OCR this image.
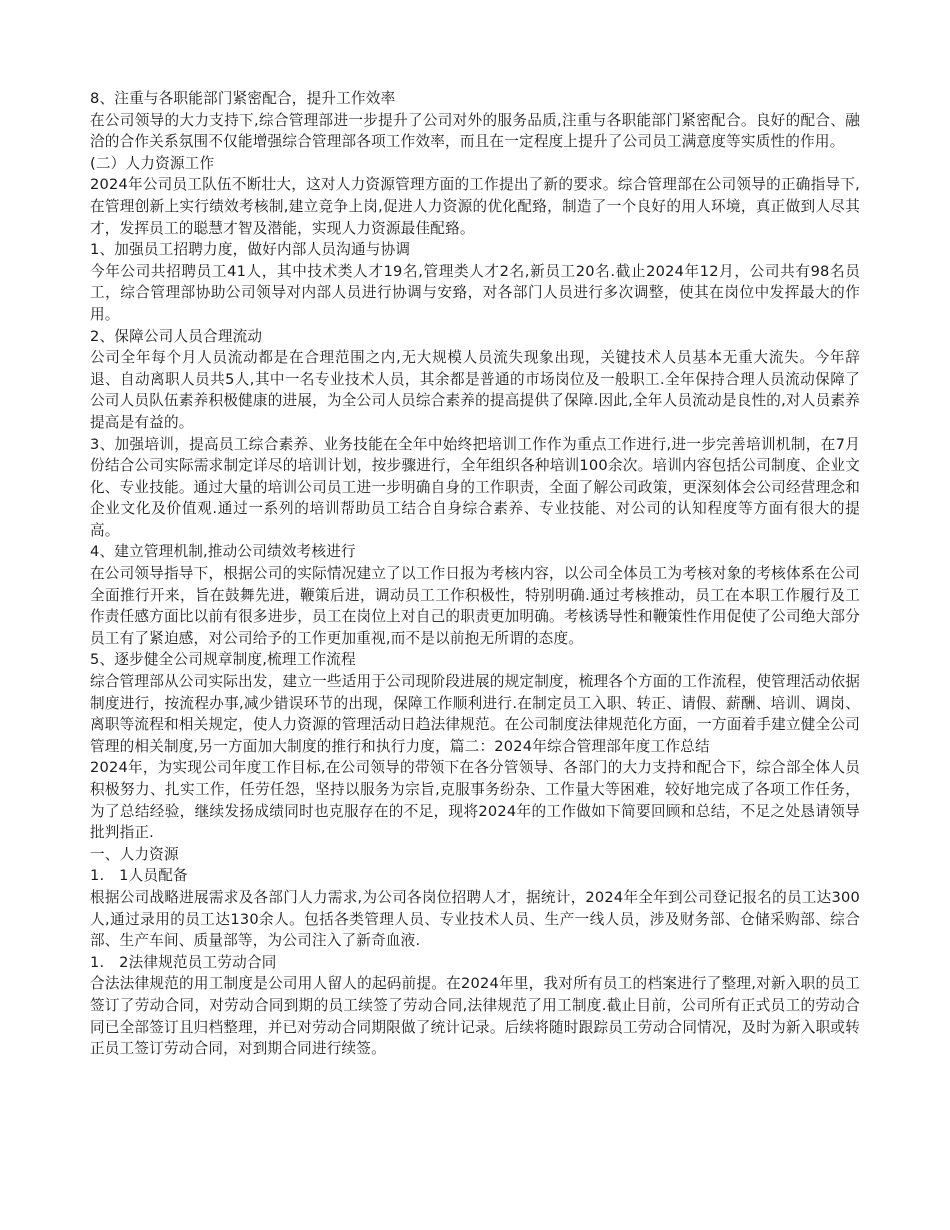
8、注重与各职能部门紧密配合，提升工作效率
在公司领导的大力支持下,综合管理部进一步提升了公司对外的服务品质,注重与各职能部门紧密配合。良好的配合、融洽的合作关系氛围不仅能增强综合管理部各项工作效率，而且在一定程度上提升了公司员工满意度等实质性的作用。
(二）人力资源工作
2024年公司员工队伍不断壮大，这对人力资源管理方面的工作提出了新的要求。综合管理部在公司领导的正确指导下,在管理创新上实行绩效考核制,建立竞争上岗,促进人力资源的优化配臵，制造了一个良好的用人环境，真正做到人尽其才，发挥员工的聪慧才智及潜能，实现人力资源最佳配臵。
1、加强员工招聘力度，做好内部人员沟通与协调
今年公司共招聘员工41人，其中技术类人才19名,管理类人才2名,新员工20名.截止2024年12月，公司共有98名员工，综合管理部协助公司领导对内部人员进行协调与安臵，对各部门人员进行多次调整，使其在岗位中发挥最大的作用。
2、保障公司人员合理流动
公司全年每个月人员流动都是在合理范围之内,无大规模人员流失现象出现，关键技术人员基本无重大流失。今年辞退、自动离职人员共5人,其中一名专业技术人员，其余都是普通的市场岗位及一般职工.全年保持合理人员流动保障了公司人员队伍素养积极健康的进展，为全公司人员综合素养的提高提供了保障.因此,全年人员流动是良性的,对人员素养提高是有益的。
3、加强培训，提高员工综合素养、业务技能在全年中始终把培训工作作为重点工作进行,进一步完善培训机制，在7月份结合公司实际需求制定详尽的培训计划，按步骤进行，全年组织各种培训100余次。培训内容包括公司制度、企业文化、专业技能。通过大量的培训公司员工进一步明确自身的工作职责，全面了解公司政策，更深刻体会公司经营理念和企业文化及价值观.通过一系列的培训帮助员工结合自身综合素养、专业技能、对公司的认知程度等方面有很大的提高。
4、建立管理机制,推动公司绩效考核进行
在公司领导指导下，根据公司的实际情况建立了以工作日报为考核内容，以公司全体员工为考核对象的考核体系在公司全面推行开来，旨在鼓舞先进，鞭策后进，调动员工工作积极性，特别明确.通过考核推动，员工在本职工作履行及工作责任感方面比以前有很多进步，员工在岗位上对自己的职责更加明确。考核诱导性和鞭策性作用促使了公司绝大部分员工有了紧迫感，对公司给予的工作更加重视,而不是以前抱无所谓的态度。
5、逐步健全公司规章制度,梳理工作流程
综合管理部从公司实际出发，建立一些适用于公司现阶段进展的规定制度，梳理各个方面的工作流程，使管理活动依据制度进行，按流程办事,减少错误环节的出现，保障工作顺利进行.在制定员工入职、转正、请假、薪酬、培训、调岗、离职等流程和相关规定，使人力资源的管理活动日趋法律规范。在公司制度法律规范化方面，一方面着手建立健全公司管理的相关制度,另一方面加大制度的推行和执行力度，篇二：2024年综合管理部年度工作总结
2024年，为实现公司年度工作目标,在公司领导的带领下在各分管领导、各部门的大力支持和配合下，综合部全体人员积极努力、扎实工作，任劳任怨，坚持以服务为宗旨,克服事务纷杂、工作量大等困难，较好地完成了各项工作任务，为了总结经验，继续发扬成绩同时也克服存在的不足，现将2024年的工作做如下简要回顾和总结，不足之处恳请领导批判指正.
一、人力资源
1.　1人员配备
根据公司战略进展需求及各部门人力需求,为公司各岗位招聘人才，据统计，2024年全年到公司登记报名的员工达300人,通过录用的员工达130余人。包括各类管理人员、专业技术人员、生产一线人员，涉及财务部、仓储采购部、综合部、生产车间、质量部等，为公司注入了新奇血液.
1.　2法律规范员工劳动合同
合法法律规范的用工制度是公司用人留人的起码前提。在2024年里，我对所有员工的档案进行了整理,对新入职的员工签订了劳动合同，对劳动合同到期的员工续签了劳动合同,法律规范了用工制度.截止目前，公司所有正式员工的劳动合同已全部签订且归档整理，并已对劳动合同期限做了统计记录。后续将随时跟踪员工劳动合同情况，及时为新入职或转正员工签订劳动合同，对到期合同进行续签。
